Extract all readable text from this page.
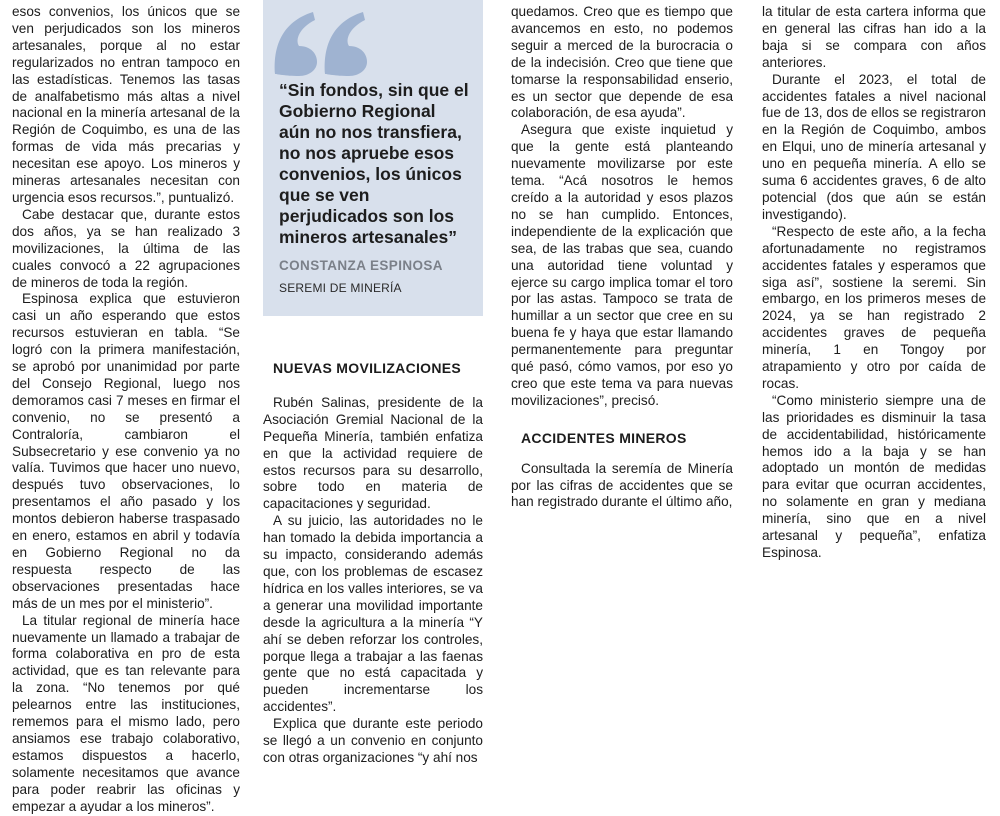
esos convenios, los únicos que se ven perjudicados son los mineros artesanales, porque al no estar regularizados no entran tampoco en las estadísticas. Tenemos las tasas de analfabetismo más altas a nivel nacional en la minería artesanal de la Región de Coquimbo, es una de las formas de vida más precarias y necesitan ese apoyo. Los mineros y mineras artesanales necesitan con urgencia esos recursos.”, puntualizó.

Cabe destacar que, durante estos dos años, ya se han realizado 3 movilizaciones, la última de las cuales convocó a 22 agrupaciones de mineros de toda la región.

Espinosa explica que estuvieron casi un año esperando que estos recursos estuvieran en tabla. “Se logró con la primera manifestación, se aprobó por unanimidad por parte del Consejo Regional, luego nos demoramos casi 7 meses en firmar el convenio, no se presentó a Contraloría, cambiaron el Subsecretario y ese convenio ya no valía. Tuvimos que hacer uno nuevo, después tuvo observaciones, lo presentamos el año pasado y los montos debieron haberse traspasado en enero, estamos en abril y todavía en Gobierno Regional no da respuesta respecto de las observaciones presentadas hace más de un mes por el ministerio”.

La titular regional de minería hace nuevamente un llamado a trabajar de forma colaborativa en pro de esta actividad, que es tan relevante para la zona. “No tenemos por qué pelearnos entre las instituciones, rememos para el mismo lado, pero ansiamos ese trabajo colaborativo, estamos dispuestos a hacerlo, solamente necesitamos que avance para poder reabrir las oficinas y empezar a ayudar a los mineros”.

“Sin fondos, sin que el Gobierno Regional aún no nos transfiera, no nos apruebe esos convenios, los únicos que se ven perjudicados son los mineros artesanales”
CONSTANZA ESPINOSA
SEREMI DE MINERÍA

NUEVAS MOVILIZACIONES

Rubén Salinas, presidente de la Asociación Gremial Nacional de la Pequeña Minería, también enfatiza en que la actividad requiere de estos recursos para su desarrollo, sobre todo en materia de capacitaciones y seguridad.

A su juicio, las autoridades no le han tomado la debida importancia a su impacto, considerando además que, con los problemas de escasez hídrica en los valles interiores, se va a generar una movilidad importante desde la agricultura a la minería “Y ahí se deben reforzar los controles, porque llega a trabajar a las faenas gente que no está capacitada y pueden incrementarse los accidentes”.

Explica que durante este periodo se llegó a un convenio en conjunto con otras organizaciones “y ahí nos

quedamos. Creo que es tiempo que avancemos en esto, no podemos seguir a merced de la burocracia o de la indecisión. Creo que tiene que tomarse la responsabilidad enserio, es un sector que depende de esa colaboración, de esa ayuda”.

Asegura que existe inquietud y que la gente está planteando nuevamente movilizarse por este tema. “Acá nosotros le hemos creído a la autoridad y esos plazos no se han cumplido. Entonces, independiente de la explicación que sea, de las trabas que sea, cuando una autoridad tiene voluntad y ejerce su cargo implica tomar el toro por las astas. Tampoco se trata de humillar a un sector que cree en su buena fe y haya que estar llamando permanentemente para preguntar qué pasó, cómo vamos, por eso yo creo que este tema va para nuevas movilizaciones”, precisó.

ACCIDENTES MINEROS

Consultada la seremía de Minería por las cifras de accidentes que se han registrado durante el último año,

la titular de esta cartera informa que en general las cifras han ido a la baja si se compara con años anteriores.

Durante el 2023, el total de accidentes fatales a nivel nacional fue de 13, dos de ellos se registraron en la Región de Coquimbo, ambos en Elqui, uno de minería artesanal y uno en pequeña minería. A ello se suma 6 accidentes graves, 6 de alto potencial (dos que aún se están investigando).

“Respecto de este año, a la fecha afortunadamente no registramos accidentes fatales y esperamos que siga así”, sostiene la seremi. Sin embargo, en los primeros meses de 2024, ya se han registrado 2 accidentes graves de pequeña minería, 1 en Tongoy por atrapamiento y otro por caída de rocas.

“Como ministerio siempre una de las prioridades es disminuir la tasa de accidentabilidad, históricamente hemos ido a la baja y se han adoptado un montón de medidas para evitar que ocurran accidentes, no solamente en gran y mediana minería, sino que en a nivel artesanal y pequeña”, enfatiza Espinosa.
